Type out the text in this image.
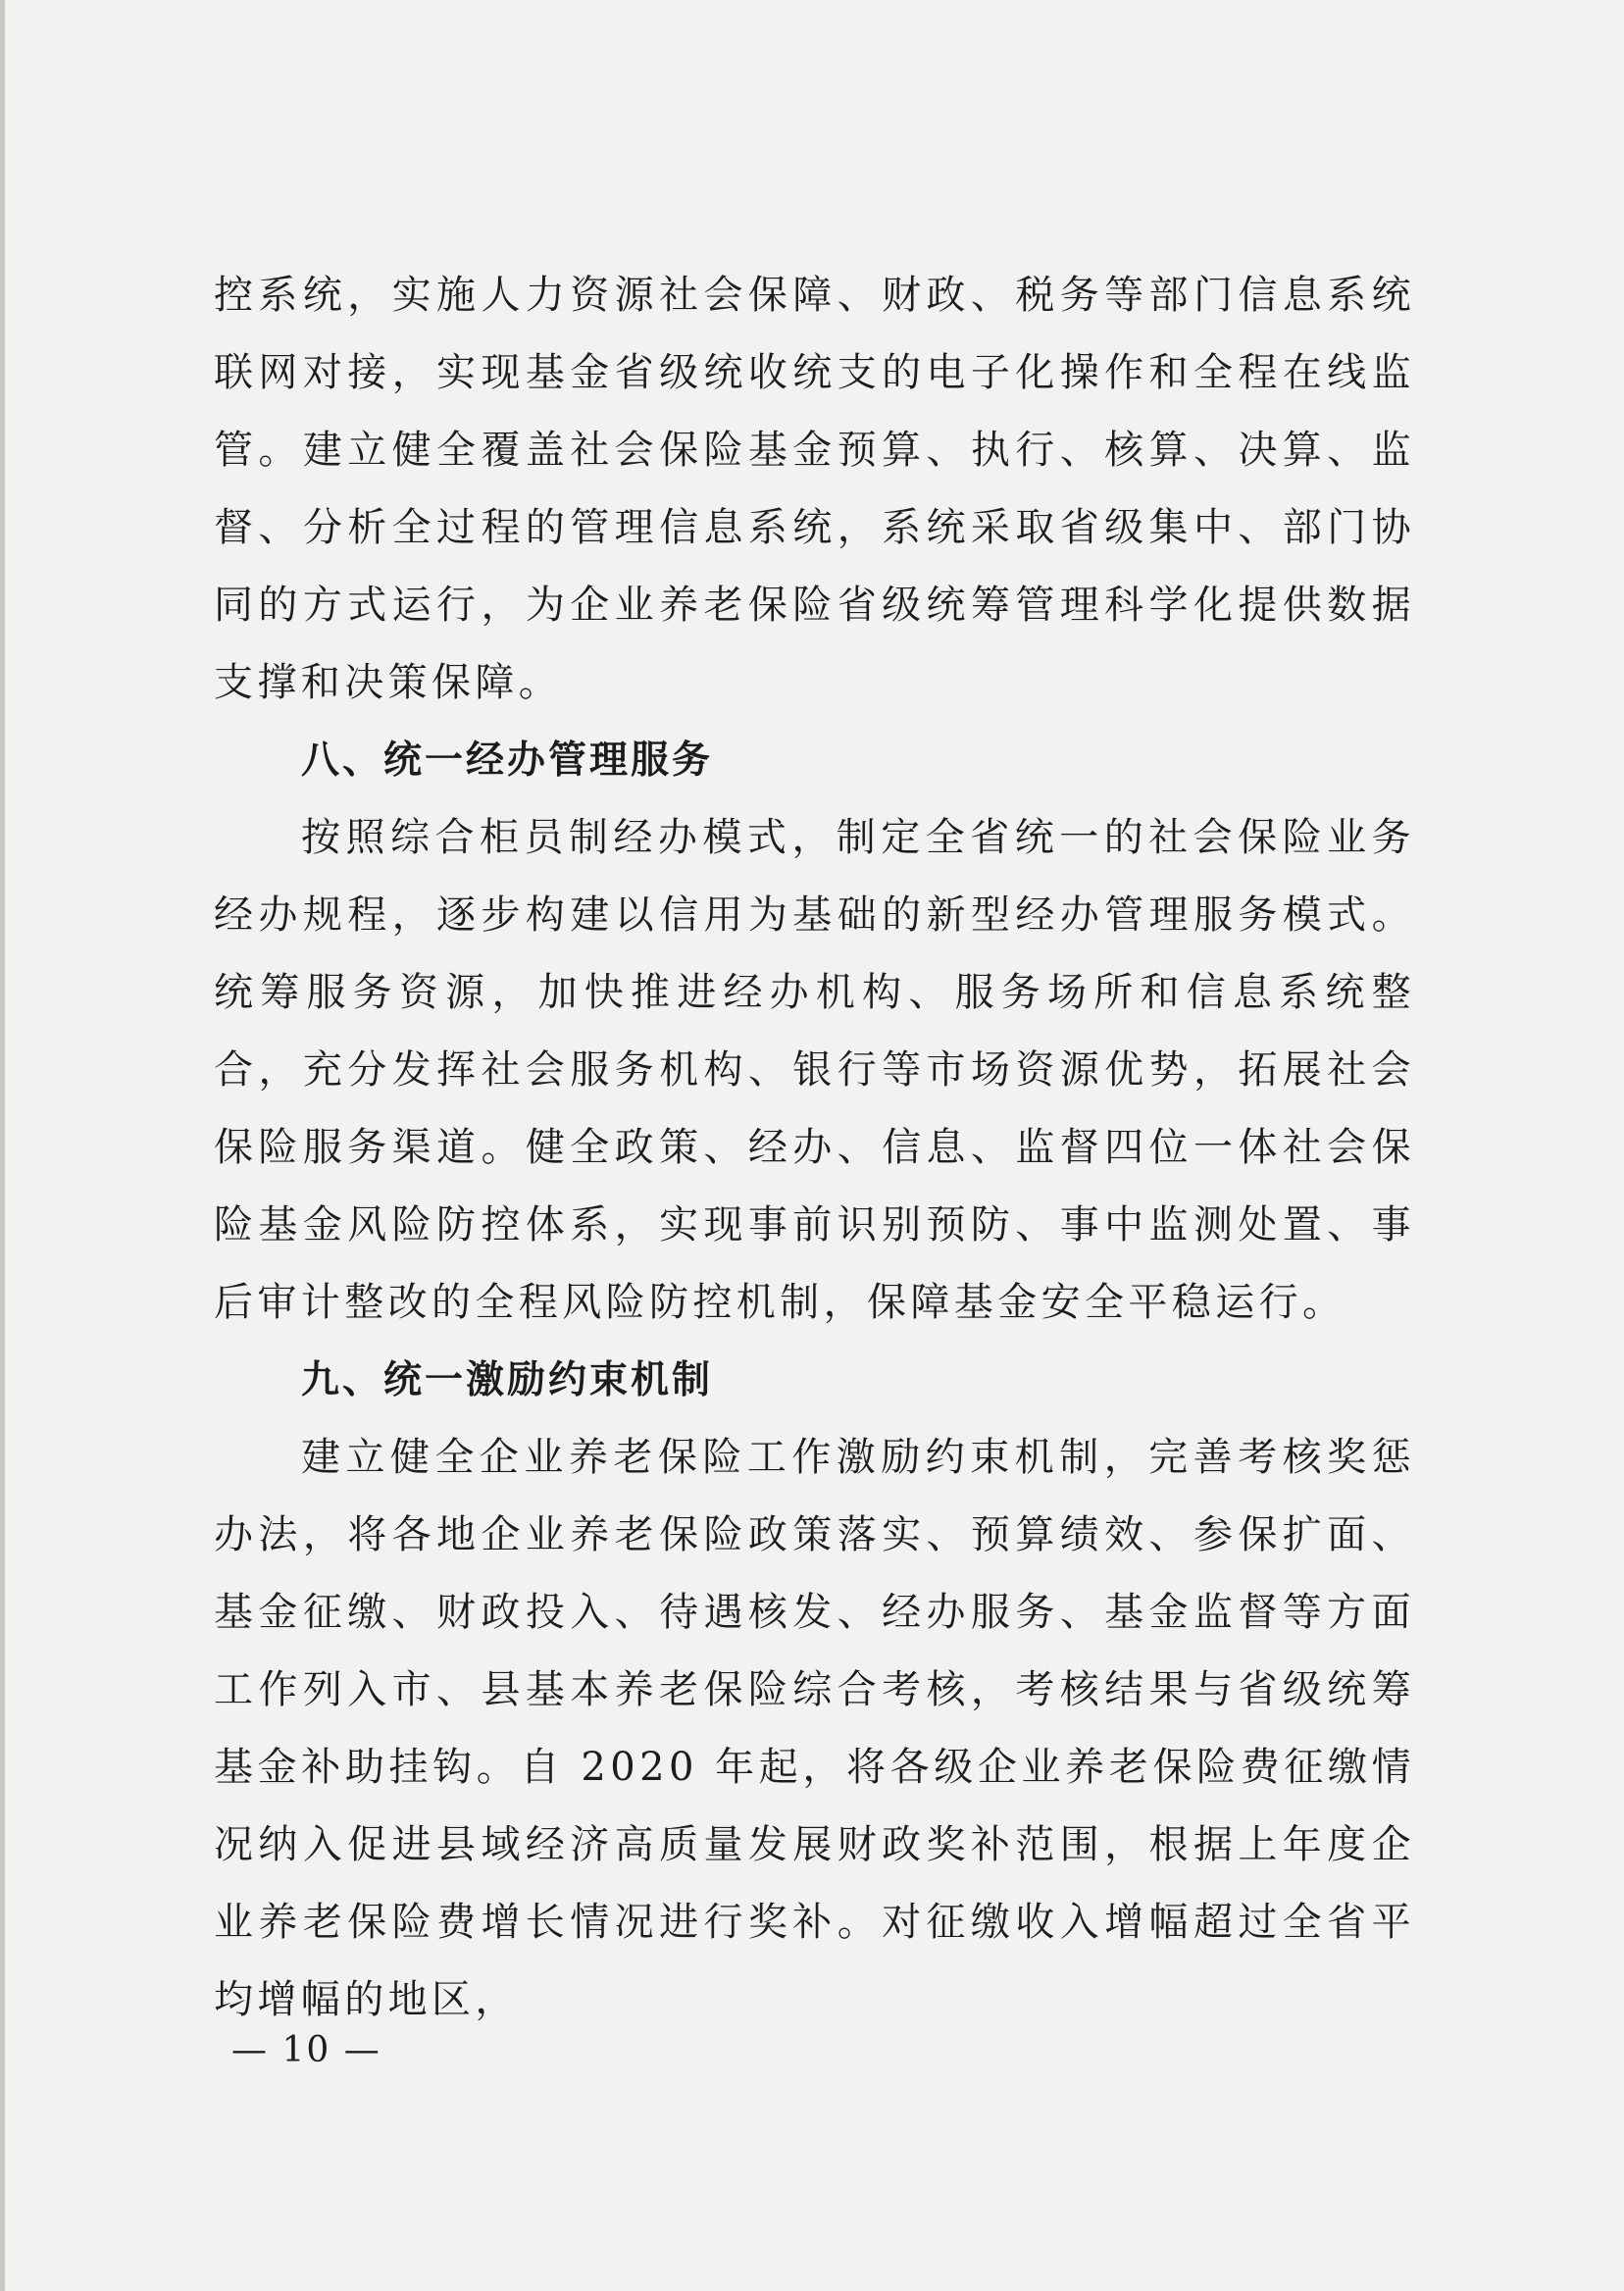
控系统，实施人力资源社会保障、财政、税务等部门信息系统联网对接，实现基金省级统收统支的电子化操作和全程在线监管。建立健全覆盖社会保险基金预算、执行、核算、决算、监督、分析全过程的管理信息系统，系统采取省级集中、部门协同的方式运行，为企业养老保险省级统筹管理科学化提供数据支撑和决策保障。

八、统一经办管理服务

按照综合柜员制经办模式，制定全省统一的社会保险业务经办规程，逐步构建以信用为基础的新型经办管理服务模式。统筹服务资源，加快推进经办机构、服务场所和信息系统整合，充分发挥社会服务机构、银行等市场资源优势，拓展社会保险服务渠道。健全政策、经办、信息、监督四位一体社会保险基金风险防控体系，实现事前识别预防、事中监测处置、事后审计整改的全程风险防控机制，保障基金安全平稳运行。

九、统一激励约束机制

建立健全企业养老保险工作激励约束机制，完善考核奖惩办法，将各地企业养老保险政策落实、预算绩效、参保扩面、基金征缴、财政投入、待遇核发、经办服务、基金监督等方面工作列入市、县基本养老保险综合考核，考核结果与省级统筹基金补助挂钩。自 2020 年起，将各级企业养老保险费征缴情况纳入促进县域经济高质量发展财政奖补范围，根据上年度企业养老保险费增长情况进行奖补。对征缴收入增幅超过全省平均增幅的地区，

— 10 —
